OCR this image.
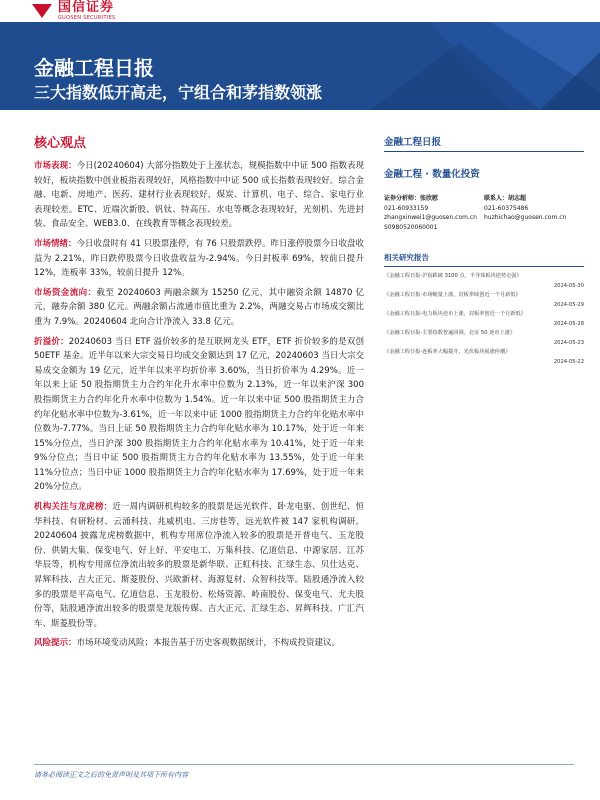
国信证券
GUOSEN SECURITIES
金融工程日报
三大指数低开高走，宁组合和茅指数领涨
核心观点

市场表现：今日(20240604) 大部分指数处于上涨状态，规模指数中中证 500 指数表现较好，板块指数中创业板指表现较好，风格指数中中证 500 成长指数表现较好。综合金融、电新、房地产、医药、建材行业表现较好，煤炭、计算机、电子、综合、家电行业表现较差。ETC、近端次新股、钒钛、特高压、水电等概念表现较好，光刻机、先进封装、食品安全、WEB3.0、在线教育等概念表现较差。

市场情绪：今日收盘时有 41 只股票涨停，有 76 只股票跌停。昨日涨停股票今日收盘收益为 2.21%，昨日跌停股票今日收盘收益为-2.94%。今日封板率 69%，较前日提升 12%，连板率 33%，较前日提升 12%。

市场资金流向：截至 20240603 两融余额为 15250 亿元，其中融资余额 14870 亿元，融券余额 380 亿元。两融余额占流通市值比重为 2.2%，两融交易占市场成交额比重为 7.9%。20240604 北向合计净流入 33.8 亿元。

折溢价：20240603 当日 ETF 溢价较多的是互联网龙头 ETF，ETF 折价较多的是双创 50ETF 基金。近半年以来大宗交易日均成交金额达到 17 亿元，20240603 当日大宗交易成交金额为 19 亿元，近半年以来平均折价率 3.60%，当日折价率为 4.29%。近一年以来上证 50 股指期货主力合约年化升水率中位数为 2.13%，近一年以来沪深 300 股指期货主力合约年化升水率中位数为 1.54%。近一年以来中证 500 股指期货主力合约年化贴水率中位数为-3.61%，近一年以来中证 1000 股指期货主力合约年化贴水率中位数为-7.77%。当日上证 50 股指期货主力合约年化贴水率为 10.17%，处于近一年来 15%分位点，当日沪深 300 股指期货主力合约年化贴水率为 10.41%，处于近一年来 9%分位点；当日中证 500 股指期货主力合约年化贴水率为 13.55%，处于近一年来 11%分位点；当日中证 1000 股指期货主力合约年化贴水率为 17.69%，处于近一年来 20%分位点。

机构关注与龙虎榜：近一周内调研机构较多的股票是远光软件、卧龙电驱、创世纪、恒华科技、有研粉材、云涌科技、兆威机电、三房巷等，远光软件被 147 家机构调研。20240604 披露龙虎榜数据中，机构专用席位净流入较多的股票是开普电气、玉龙股份、供销大集、保变电气、好上好、平安电工、万集科技、亿道信息、中源家居、江苏华辰等，机构专用席位净流出较多的股票是新华联、正虹科技、汇绿生态、贝仕达克、昇辉科技、吉大正元、斯菱股份、兴欧新材、海源复材、众智科技等。陆股通净流入较多的股票是平高电气、亿道信息、玉龙股份、松炀资源、岭南股份、保变电气、尤夫股份等，陆股通净流出较多的股票是龙版传媒、吉大正元、汇绿生态、昇辉科技、广汇汽车、斯菱股份等。

风险提示：市场环境变动风险；本报告基于历史客观数据统计，不构成投资建议。

金融工程日报
金融工程 · 数量化投资
证券分析师：张欣慰
021-60933159
zhangxinwei1@guosen.com.cn
S0980520060001
联系人：胡志超
021-60375486
huzhichao@guosen.com.cn
相关研究报告
《金融工程日报-沪指跌破 3100 点，半导体板块逆势走强》
2024-05-30
《金融工程日报-市场缩量上涨，封板率续创近一个月新低》
2024-05-29
《金融工程日报-电力板块逆市上涨，封板率创近一个月新低》
2024-05-28
《金融工程日报-主要指数普遍回调，北证 50 逆市上涨》
2024-05-23
《金融工程日报-连板率大幅提升，光伏板块展涨停潮》
2024-05-22
请务必阅读正文之后的免责声明及其项下所有内容
